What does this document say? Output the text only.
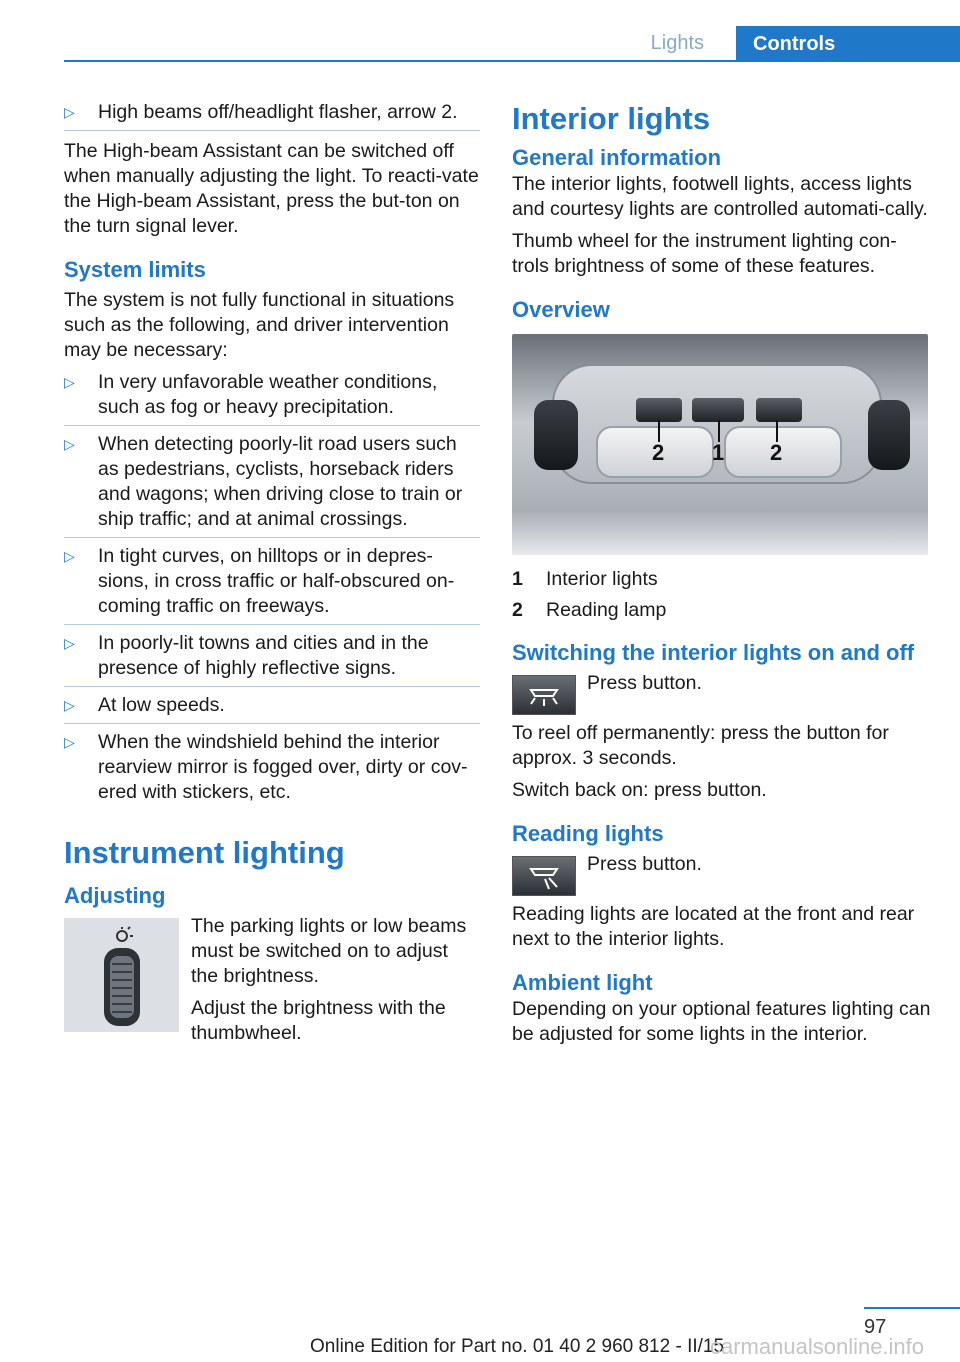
Lights	Controls
▷ High beams off/headlight flasher, arrow 2.

The High-beam Assistant can be switched off when manually adjusting the light. To reacti-vate the High-beam Assistant, press the but-ton on the turn signal lever.

System limits

The system is not fully functional in situations such as the following, and driver intervention may be necessary:

▷ In very unfavorable weather conditions, such as fog or heavy precipitation.
▷ When detecting poorly-lit road users such as pedestrians, cyclists, horseback riders and wagons; when driving close to train or ship traffic; and at animal crossings.
▷ In tight curves, on hilltops or in depres-sions, in cross traffic or half-obscured on-coming traffic on freeways.
▷ In poorly-lit towns and cities and in the presence of highly reflective signs.
▷ At low speeds.
▷ When the windshield behind the interior rearview mirror is fogged over, dirty or cov-ered with stickers, etc.
Instrument lighting
Adjusting

The parking lights or low beams must be switched on to adjust the brightness.

Adjust the brightness with the thumbwheel.

Interior lights
General information

The interior lights, footwell lights, access lights and courtesy lights are controlled automati-cally.

Thumb wheel for the instrument lighting con-trols brightness of some of these features.

Overview
2 1 2
1	Interior lights
2	Reading lamp
Switching the interior lights on and off

Press button.

To reel off permanently: press the button for approx. 3 seconds.

Switch back on: press button.

Reading lights

Press button.

Reading lights are located at the front and rear next to the interior lights.

Ambient light

Depending on your optional features lighting can be adjusted for some lights in the interior.

97
Online Edition for Part no. 01 40 2 960 812 - II/15
carmanualsonline.info
